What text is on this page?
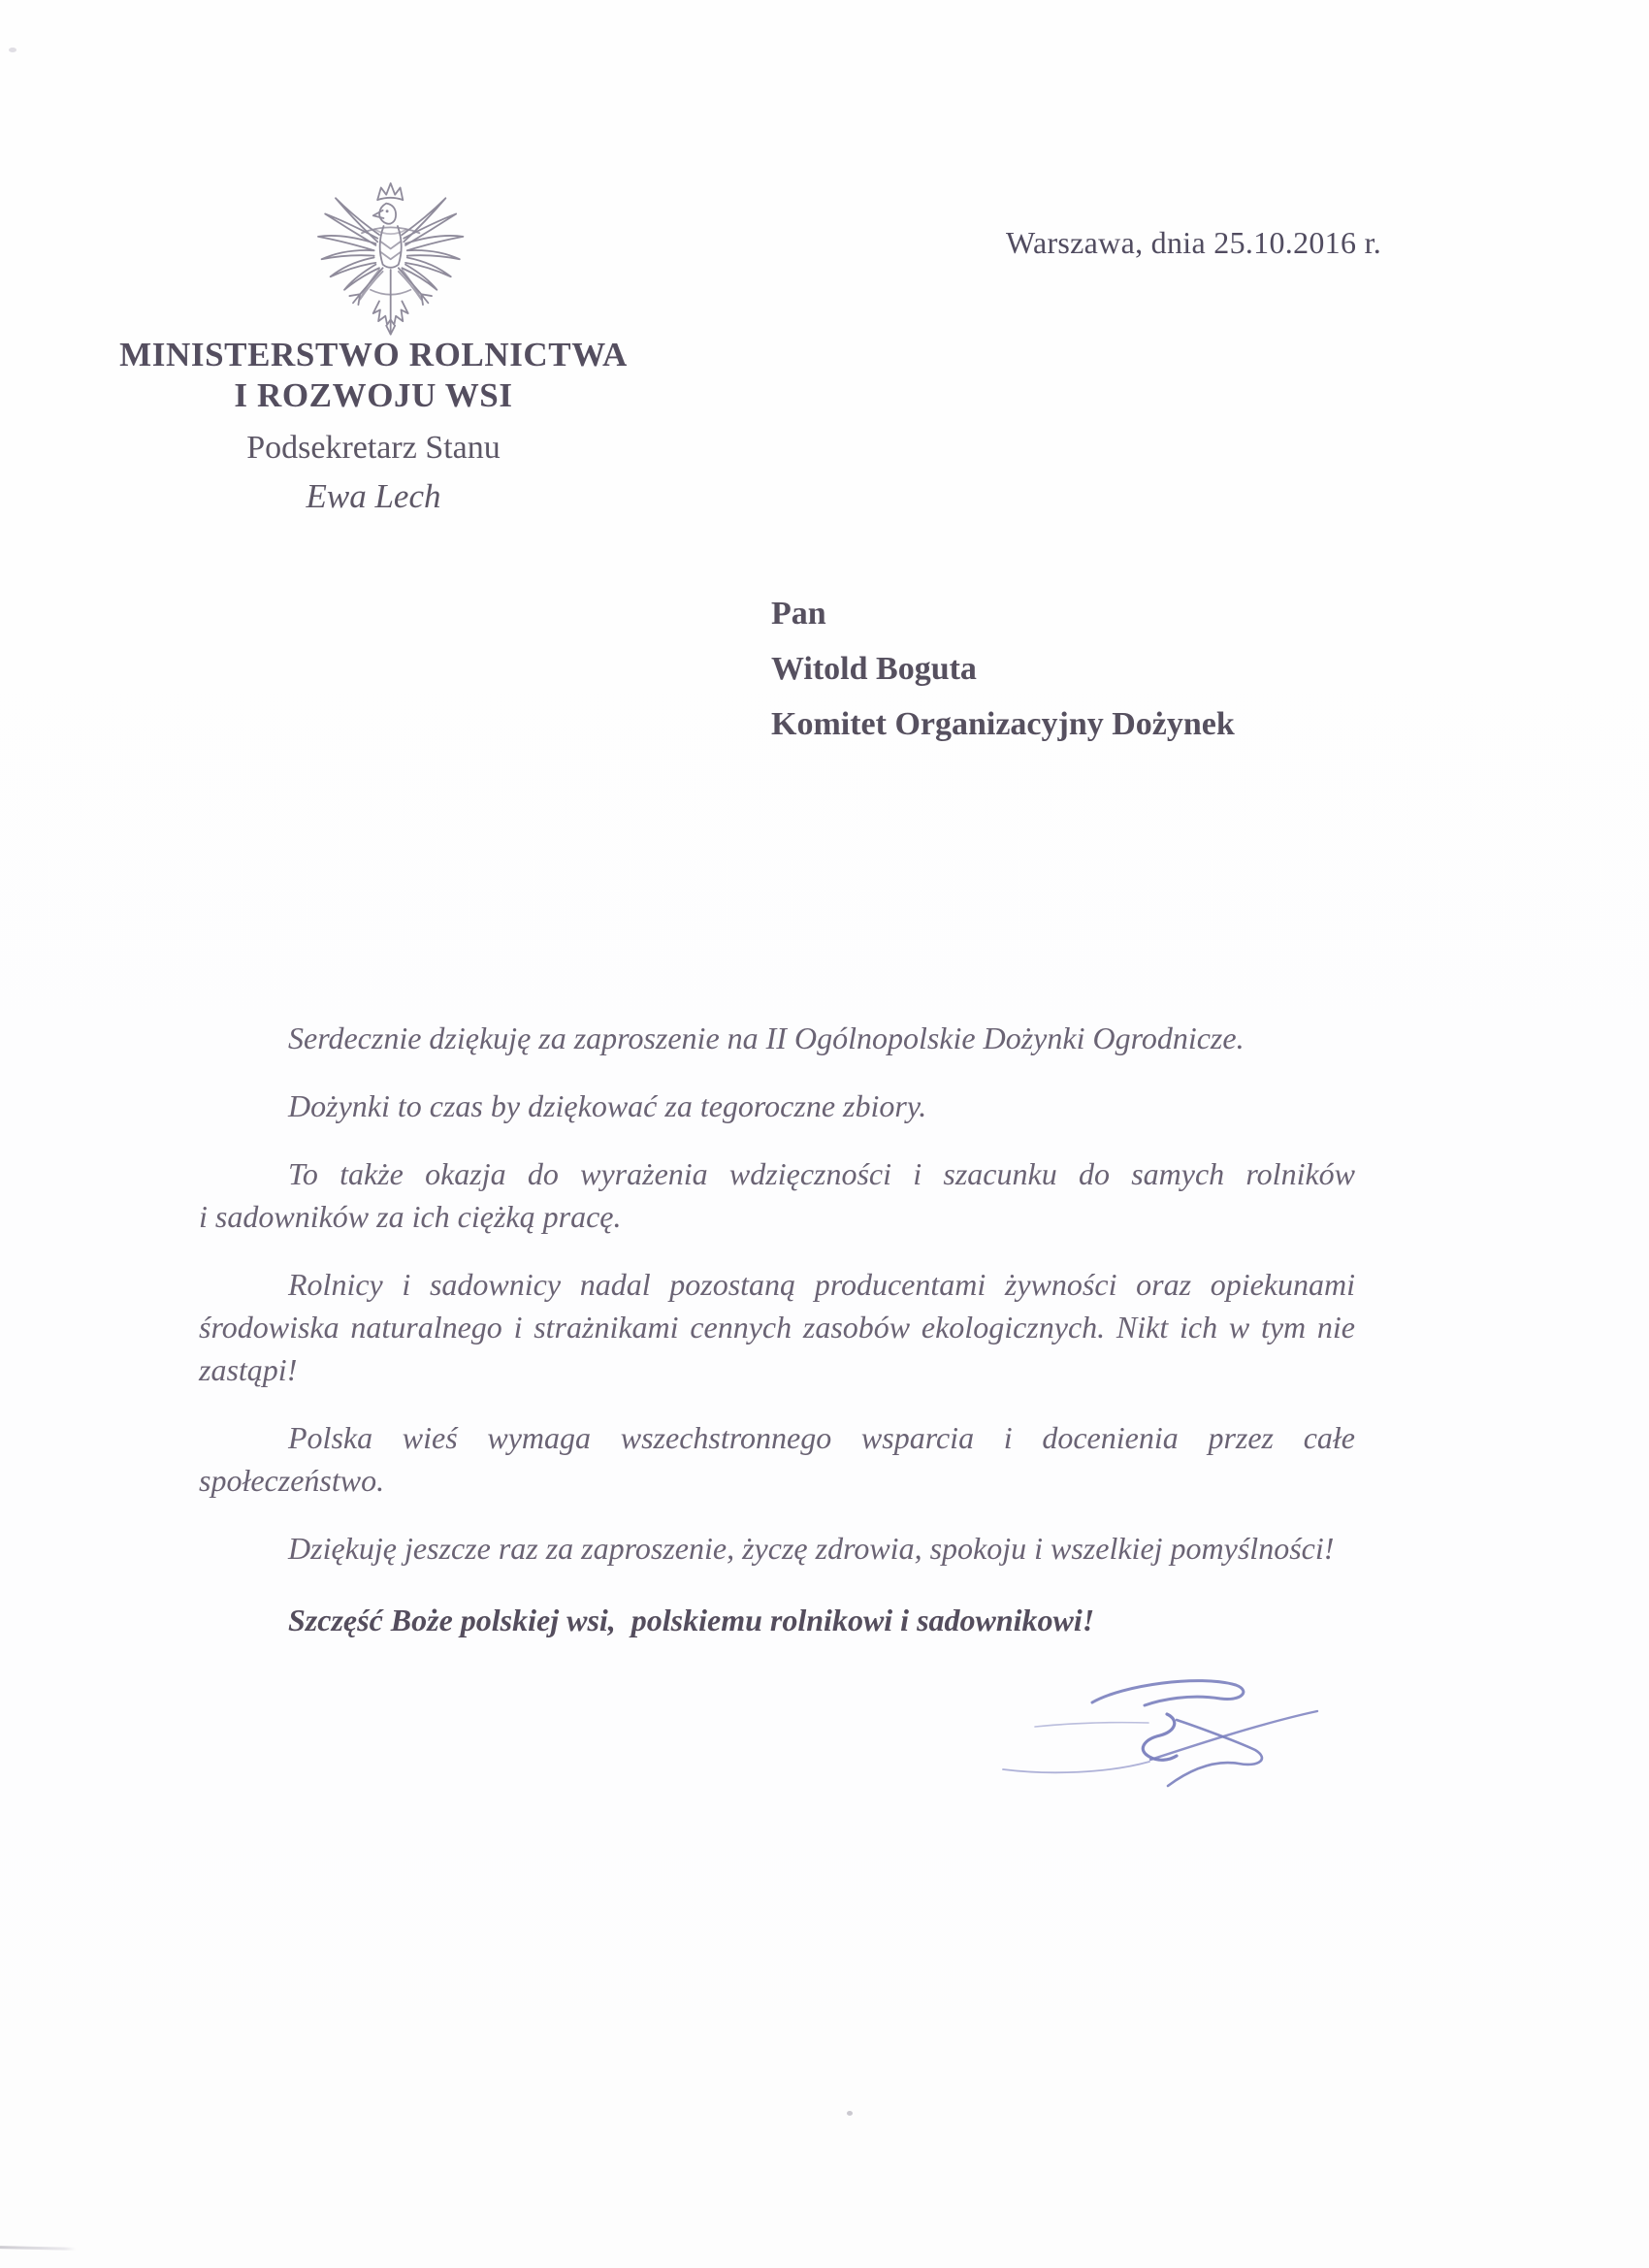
Warszawa, dnia 25.10.2016 r.
MINISTERSTWO ROLNICTWA
I ROZWOJU WSI
Podsekretarz Stanu
Ewa Lech
Pan
Witold Boguta
Komitet Organizacyjny Dożynek
Serdecznie dziękuję za zaproszenie na II Ogólnopolskie Dożynki Ogrodnicze.
Dożynki to czas by dziękować za tegoroczne zbiory.
To także okazja do wyrażenia wdzięczności i szacunku do samych rolników
i sadowników za ich ciężką pracę.
Rolnicy i sadownicy nadal pozostaną producentami żywności oraz opiekunami
środowiska naturalnego i strażnikami cennych zasobów ekologicznych. Nikt ich w tym nie
zastąpi!
Polska wieś wymaga wszechstronnego wsparcia i docenienia przez całe
społeczeństwo.
Dziękuję jeszcze raz za zaproszenie, życzę zdrowia, spokoju i wszelkiej pomyślności!
Szczęść Boże polskiej wsi,  polskiemu rolnikowi i sadownikowi!
